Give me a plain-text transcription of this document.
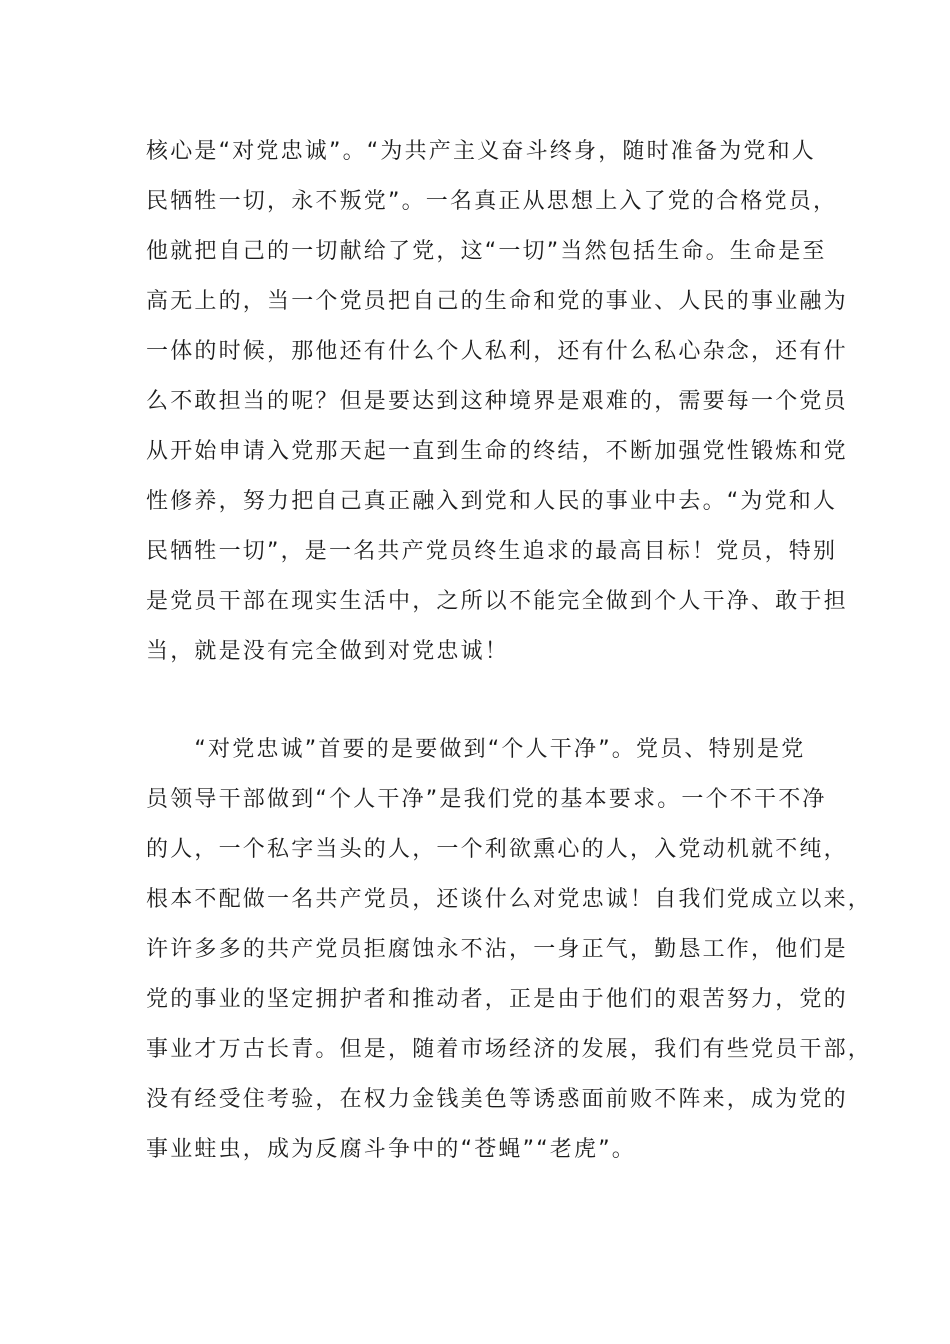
核心是“对党忠诚”。“为共产主义奋斗终身，随时准备为党和人
民牺牲一切，永不叛党”。一名真正从思想上入了党的合格党员，
他就把自己的一切献给了党，这“一切”当然包括生命。生命是至
高无上的，当一个党员把自己的生命和党的事业、人民的事业融为
一体的时候，那他还有什么个人私利，还有什么私心杂念，还有什
么不敢担当的呢？但是要达到这种境界是艰难的，需要每一个党员
从开始申请入党那天起一直到生命的终结，不断加强党性锻炼和党
性修养，努力把自己真正融入到党和人民的事业中去。“为党和人
民牺牲一切”，是一名共产党员终生追求的最高目标！党员，特别
是党员干部在现实生活中，之所以不能完全做到个人干净、敢于担
当，就是没有完全做到对党忠诚！
　　“对党忠诚”首要的是要做到“个人干净”。党员、特别是党
员领导干部做到“个人干净”是我们党的基本要求。一个不干不净
的人，一个私字当头的人，一个利欲熏心的人，入党动机就不纯，
根本不配做一名共产党员，还谈什么对党忠诚！自我们党成立以来，
许许多多的共产党员拒腐蚀永不沾，一身正气，勤恳工作，他们是
党的事业的坚定拥护者和推动者，正是由于他们的艰苦努力，党的
事业才万古长青。但是，随着市场经济的发展，我们有些党员干部，
没有经受住考验，在权力金钱美色等诱惑面前败不阵来，成为党的
事业蛀虫，成为反腐斗争中的“苍蝇”“老虎”。
